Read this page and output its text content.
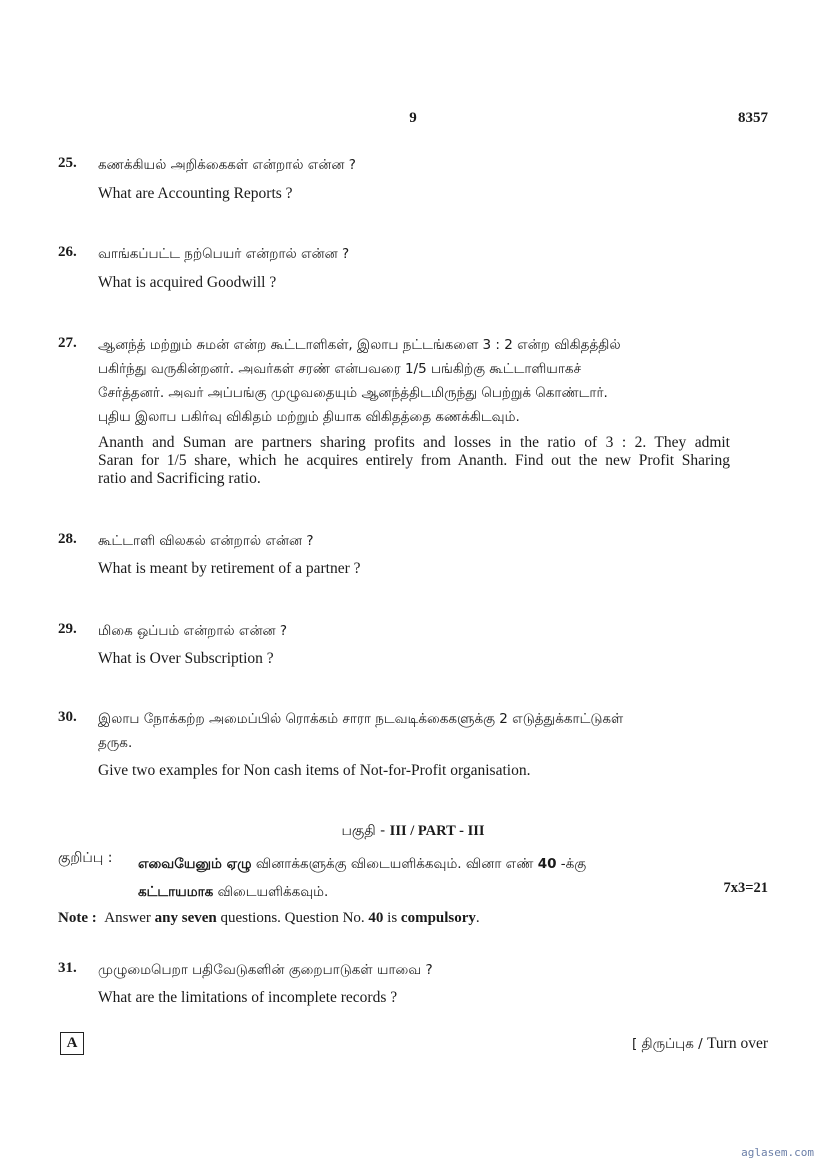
9	8357
25. கணக்கியல் அறிக்கைகள் என்றால் என்ன ?
What are Accounting Reports ?
26. வாங்கப்பட்ட நற்பெயர் என்றால் என்ன ?
What is acquired Goodwill ?
27. ஆனந்த் மற்றும் சுமன் என்ற கூட்டாளிகள், இலாப நட்டங்களை 3 : 2 என்ற விகிதத்தில்
பகிர்ந்து வருகின்றனர். அவர்கள் சரண் என்பவரை 1/5 பங்கிற்கு கூட்டாளியாகச்
சேர்த்தனர். அவர் அப்பங்கு முழுவதையும் ஆனந்த்திடமிருந்து பெற்றுக் கொண்டார்.
புதிய இலாப பகிர்வு விகிதம் மற்றும் தியாக விகிதத்தை கணக்கிடவும்.
Ananth and Suman are partners sharing profits and losses in the ratio of 3 : 2. They admit
Saran for 1/5 share, which he acquires entirely from Ananth. Find out the new Profit Sharing
ratio and Sacrificing ratio.
28. கூட்டாளி விலகல் என்றால் என்ன ?
What is meant by retirement of a partner ?
29. மிகை ஒப்பம் என்றால் என்ன ?
What is Over Subscription ?
30. இலாப நோக்கற்ற அமைப்பில் ரொக்கம் சாரா நடவடிக்கைகளுக்கு 2 எடுத்துக்காட்டுகள்
தருக.
Give two examples for Non cash items of Not-for-Profit organisation.
பகுதி - III / PART - III
குறிப்பு : எவையேனும் ஏழு வினாக்களுக்கு விடையளிக்கவும். வினா எண் 40 -க்கு
கட்டாயமாக விடையளிக்கவும்.	7x3=21
Note : Answer any seven questions. Question No. 40 is compulsory.
31. முழுமைபெறா பதிவேடுகளின் குறைபாடுகள் யாவை ?
What are the limitations of incomplete records ?
A	[ திருப்புக / Turn over
aglasem.com
